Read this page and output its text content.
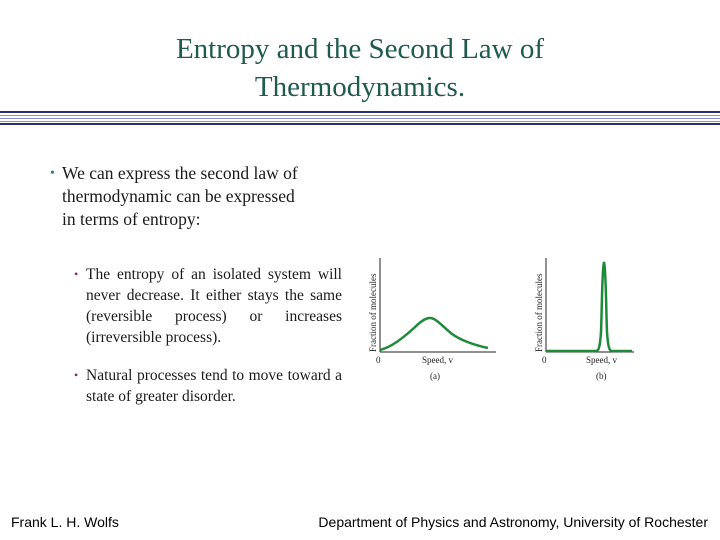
Entropy and the Second Law of
Thermodynamics.
• We can express the second law of
thermodynamic can be expressed
in terms of entropy:
• The entropy of an isolated system will never decrease. It either stays the same (reversible process) or increases (irreversible process).
• Natural processes tend to move toward a state of greater disorder.
Fraction of molecules
0	Speed, v
(a)
Fraction of molecules
0	Speed, v
(b)
Frank L. H. Wolfs	Department of Physics and Astronomy, University of Rochester
